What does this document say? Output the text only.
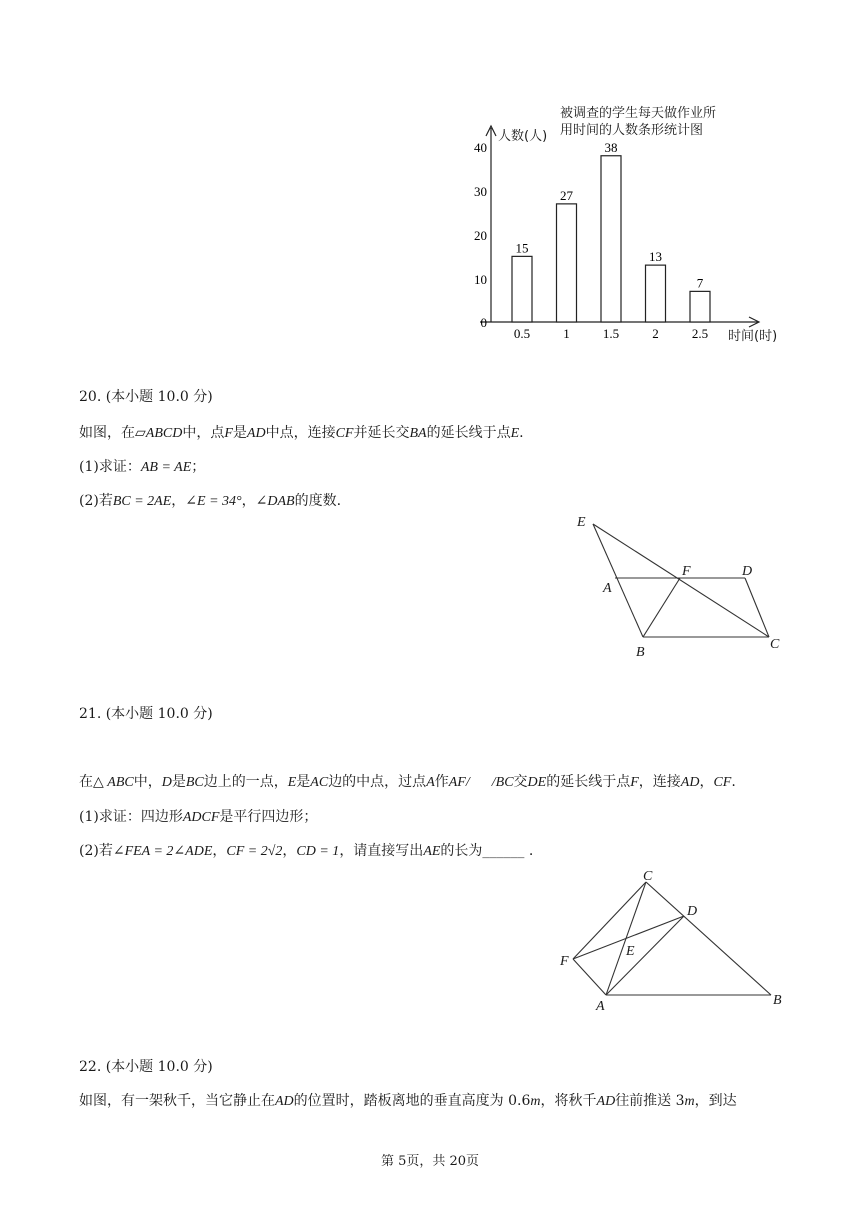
被调查的学生每天做作业所
用时间的人数条形统计图
人数(人)
时间(时)
40
30
20
10
0
15
0.5
27
1
38
1.5
13
2
7
2.5
20. (本小题 10.0 分)
如图，在▱ABCD中，点F是AD中点，连接CF并延长交BA的延长线于点E.
(1)求证：AB = AE；
(2)若BC = 2AE，∠E = 34°，∠DAB的度数.
E
F	D
A
B
C
21. (本小题 10.0 分)
在△ ABC中，D是BC边上的一点，E是AC边的中点，过点A作AF/ /BC交DE的延长线于点F，连接AD，CF.
(1)求证：四边形ADCF是平行四边形；
(2)若∠FEA = 2∠ADE，CF = 2√2，CD = 1，请直接写出AE的长为______ .
C
D
E
F
A	B
22. (本小题 10.0 分)
如图，有一架秋千，当它静止在AD的位置时，踏板离地的垂直高度为 0.6m，将秋千AD往前推送 3m，到达
第 5页，共 20页
